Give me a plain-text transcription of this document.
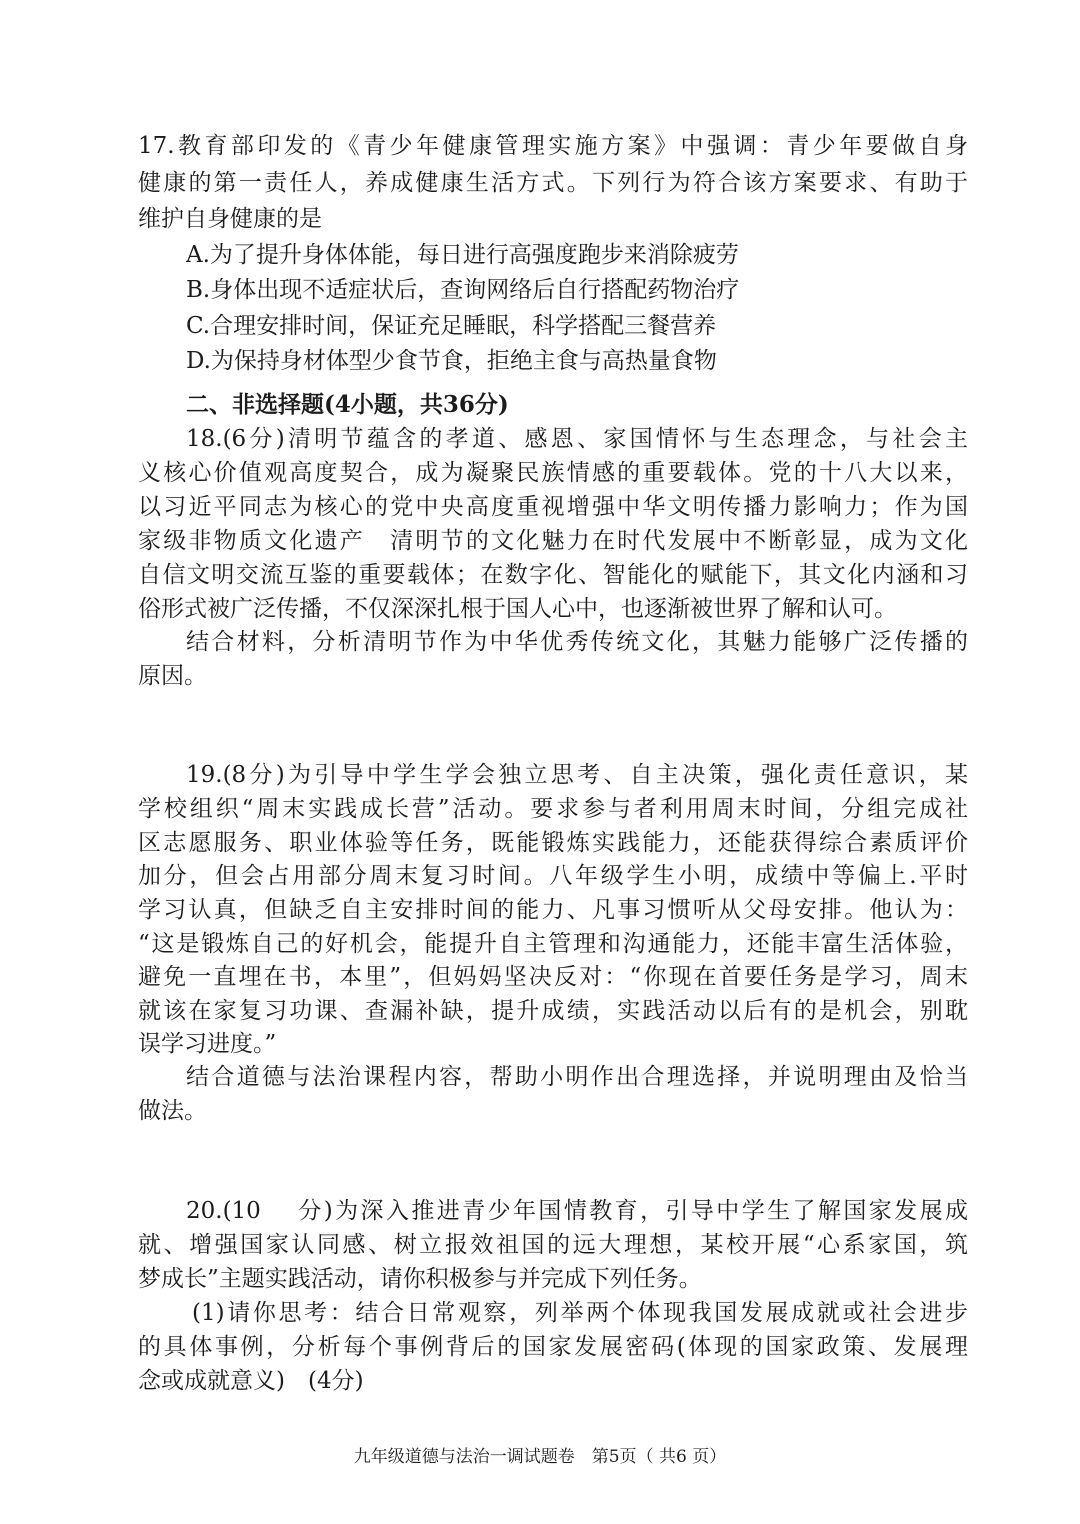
17.教育部印发的《青少年健康管理实施方案》中强调：青少年要做自身
健康的第一责任人，养成健康生活方式。下列行为符合该方案要求、有助于
维护自身健康的是
A.为了提升身体体能，每日进行高强度跑步来消除疲劳
B.身体出现不适症状后，查询网络后自行搭配药物治疗
C.合理安排时间，保证充足睡眠，科学搭配三餐营养
D.为保持身材体型少食节食，拒绝主食与高热量食物
二、非选择题(4小题，共36分)
18.(6分)清明节蕴含的孝道、感恩、家国情怀与生态理念，与社会主
义核心价值观高度契合，成为凝聚民族情感的重要载体。党的十八大以来，
以习近平同志为核心的党中央高度重视增强中华文明传播力影响力；作为国
家级非物质文化遗产　清明节的文化魅力在时代发展中不断彰显，成为文化
自信文明交流互鉴的重要载体；在数字化、智能化的赋能下，其文化内涵和习
俗形式被广泛传播，不仅深深扎根于国人心中，也逐渐被世界了解和认可。
结合材料，分析清明节作为中华优秀传统文化，其魅力能够广泛传播的
原因。
19.(8分)为引导中学生学会独立思考、自主决策，强化责任意识，某
学校组织“周末实践成长营”活动。要求参与者利用周末时间，分组完成社
区志愿服务、职业体验等任务，既能锻炼实践能力，还能获得综合素质评价
加分，但会占用部分周末复习时间。八年级学生小明，成绩中等偏上.平时
学习认真，但缺乏自主安排时间的能力、凡事习惯听从父母安排。他认为：
“这是锻炼自己的好机会，能提升自主管理和沟通能力，还能丰富生活体验，
避免一直埋在书，本里”，但妈妈坚决反对：“你现在首要任务是学习，周末
就该在家复习功课、查漏补缺，提升成绩，实践活动以后有的是机会，别耽
误学习进度。”
结合道德与法治课程内容，帮助小明作出合理选择，并说明理由及恰当
做法。
20.(10　 分)为深入推进青少年国情教育，引导中学生了解国家发展成
就、增强国家认同感、树立报效祖国的远大理想，某校开展“心系家国，筑
梦成长”主题实践活动，请你积极参与并完成下列任务。
(1)请你思考：结合日常观察，列举两个体现我国发展成就或社会进步
的具体事例，分析每个事例背后的国家发展密码(体现的国家政策、发展理
念或成就意义)　(4分)
九年级道德与法治一调试题卷　第5页（ 共6 页）
